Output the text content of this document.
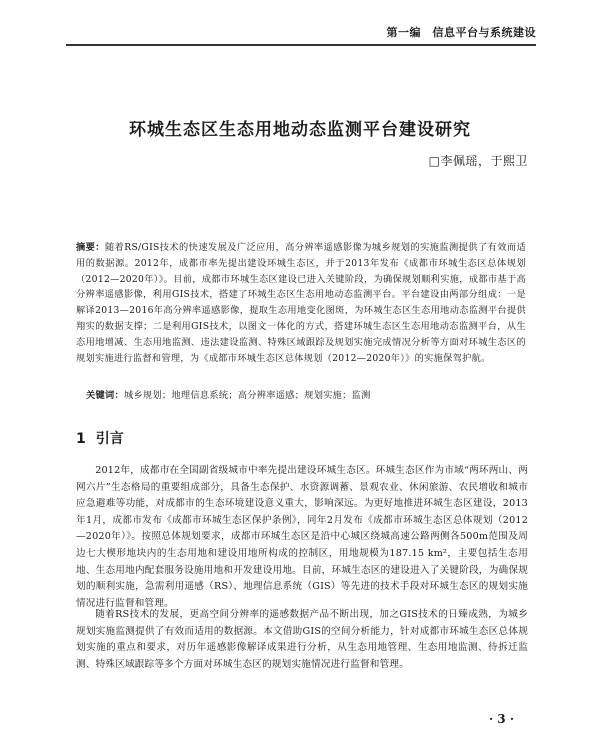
第一编　信息平台与系统建设
环城生态区生态用地动态监测平台建设研究
□李佩瑶，于熙卫
摘要：随着RS/GIS技术的快速发展及广泛应用，高分辨率遥感影像为城乡规划的实施监测提供了有效而适用的数据源。2012年，成都市率先提出建设环城生态区，并于2013年发布《成都市环城生态区总体规划（2012—2020年）》。目前，成都市环城生态区建设已进入关键阶段，为确保规划顺利实施，成都市基于高分辨率遥感影像，利用GIS技术，搭建了环城生态区生态用地动态监测平台。平台建设由两部分组成：一是解译2013—2016年高分辨率遥感影像，提取生态用地变化图斑，为环城生态区生态用地动态监测平台提供翔实的数据支撑；二是利用GIS技术，以图文一体化的方式，搭建环城生态区生态用地动态监测平台，从生态用地增减、生态用地监测、违法建设监测、特殊区域跟踪及规划实施完成情况分析等方面对环城生态区的规划实施进行监督和管理，为《成都市环城生态区总体规划（2012—2020年）》的实施保驾护航。
关键词：城乡规划；地理信息系统；高分辨率遥感；规划实施；监测
1 引言

2012年，成都市在全国副省级城市中率先提出建设环城生态区。环城生态区作为市域“两环两山、两网六片”生态格局的重要组成部分，具备生态保护、水资源调蓄、景观农业、休闲旅游、农民增收和城市应急避难等功能，对成都市的生态环境建设意义重大，影响深远。为更好地推进环城生态区建设，2013年1月，成都市发布《成都市环城生态区保护条例》，同年2月发布《成都市环城生态区总体规划（2012—2020年）》。按照总体规划要求，成都市环城生态区是沿中心城区绕城高速公路两侧各500m范围及周边七大楔形地块内的生态用地和建设用地所构成的控制区，用地规模为187.15 km²，主要包括生态用地、生态用地内配套服务设施用地和开发建设用地。目前，环城生态区的建设进入了关键阶段，为确保规划的顺利实施，急需利用遥感（RS）、地理信息系统（GIS）等先进的技术手段对环城生态区的规划实施情况进行监督和管理。

随着RS技术的发展，更高空间分辨率的遥感数据产品不断出现，加之GIS技术的日臻成熟，为城乡规划实施监测提供了有效而适用的数据源。本文借助GIS的空间分析能力，针对成都市环城生态区总体规划实施的重点和要求，对历年遥感影像解译成果进行分析，从生态用地管理、生态用地监测、待拆迁监测、特殊区域跟踪等多个方面对环城生态区的规划实施情况进行监督和管理。

· 3 ·
